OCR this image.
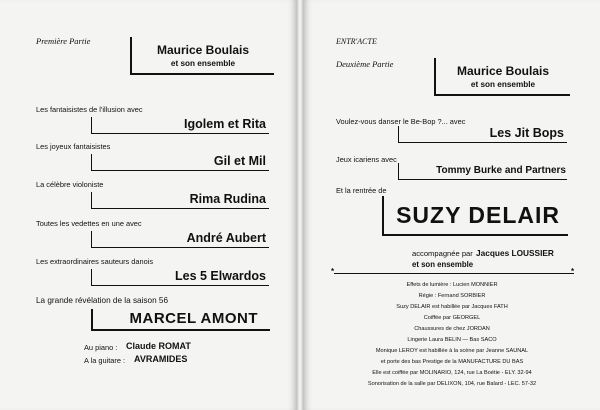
Première Partie
Maurice Boulais
et son ensemble
Les fantaisistes de l'illusion avec
Igolem et Rita
Les joyeux fantaisistes
Gil et Mil
La célèbre violoniste
Rima Rudina
Toutes les vedettes en une avec
André Aubert
Les extraordinaires sauteurs danois
Les 5 Elwardos
La grande révélation de la saison 56
MARCEL AMONT
Au piano : Claude ROMAT
A la guitare : AVRAMIDES
ENTR'ACTE
Deuxième Partie	Maurice Boulais
et son ensemble
Voulez-vous danser le Be-Bop ?... avec
Les Jit Bops
Jeux icariens avec
Tommy Burke and Partners
Et la rentrée de
SUZY DELAIR
accompagnée par Jacques LOUSSIER
et son ensemble
*	*
Effets de lumière : Lucien MONNIER
Régie : Fernand SORBIER
Suzy DELAIR est habillée par Jacques FATH
Coiffée par GEORGEL
Chaussures de chez JORDAN
Lingerie Laura BELIN — Bas SACO
Monique LEROY est habillée à la scène par Jeanne SAUNAL
et porte des bas Prestige de la MANUFACTURE DU BAS
Elle est coiffée par MOLINARIO, 124, rue La Boétie - ELY. 32-94
Sonorisation de la salle par DELIXON, 104, rue Balard - LEC. 57-32
